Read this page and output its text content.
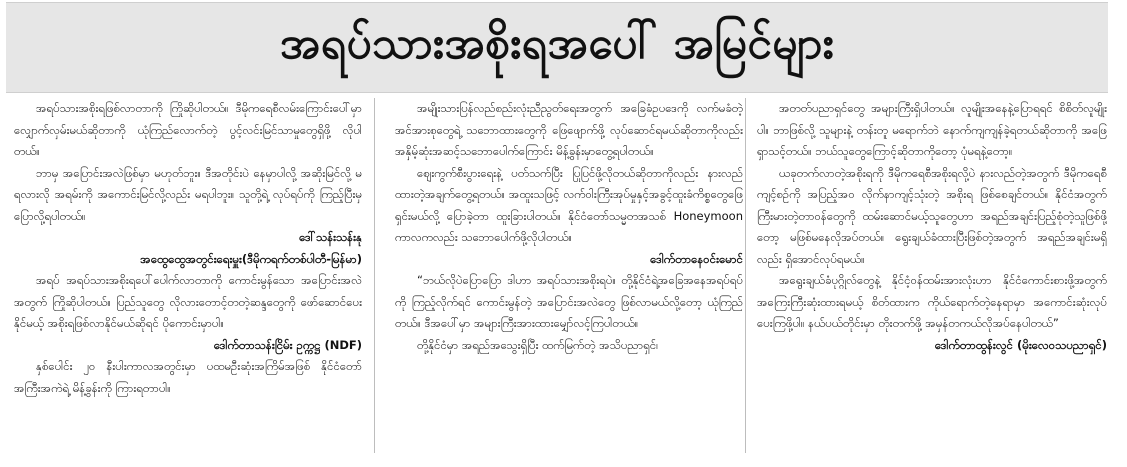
အရပ်သားအစိုးရအပေါ် အမြင်များ

အရပ်သားအစိုးရဖြစ်လာတာကို ကြိုဆိုပါတယ်။ ဒီမိုကရေစီလမ်းကြောင်းပေါ်မှာ လျှောက်လှမ်းမယ်ဆိုတာကို ယုံကြည်လောက်တဲ့ ပွင့်လင်းမြင်သာမှုတွေရှိဖို့ လိုပါတယ်။

ဘာမှ အပြောင်းအလဲဖြစ်မှာ မဟုတ်ဘူး။ ဒီအတိုင်းပဲ နေမှာပါလို့ အဆိုးမြင်လို့ မရလားလို အရမ်းကို အကောင်းမြင်လို့လည်း မရပါဘူး။ သူတို့ရဲ့ လုပ်ရပ်ကို ကြည့်ပြီးမှ ပြောလို့ရပါတယ်။

ဒေါ်သန်းသန်းနု

အထွေထွေအတွင်းရေးမှူး(ဒီမိုကရက်တစ်ပါတီ-မြန်မာ)

အရပ် အရပ်သားအစိုးရပေါ်ပေါက်လာတာကို ကောင်းမွန်သော အပြောင်းအလဲအတွက် ကြိုဆိုပါတယ်။ ပြည်သူတွေ လိုလားတောင့်တတဲ့ဆန္ဒတွေကို ဖော်ဆောင်ပေးနိုင်မယ့် အစိုးရဖြစ်လာနိုင်မယ်ဆိုရင် ပိုကောင်းမှာပါ။

ဒေါက်တာသန်းငြိမ်း ဥက္ကဋ္ဌ (NDF)

နှစ်ပေါင်း ၂၀ နီးပါးကာလအတွင်းမှာ ပထမဦးဆုံးအကြိမ်အဖြစ် နိုင်ငံတော်အကြီးအကဲရဲ့ မိန့်ခွန်းကို ကြားရတာပါ။

အမျိုးသားပြန်လည်စည်းလုံးညီညွတ်ရေးအတွက် အခြေခံဥပဒေကို လက်မခံတဲ့အင်အားစုတွေရဲ့ သဘောထားတွေကို ဖြေဖျောက်ဖို့ လုပ်ဆောင်ရမယ်ဆိုတာကိုလည်း အနှိမ့်ဆုံးအဆင့်သဘောပေါက်ကြောင်း မိန့်ခွန်းမှာတွေ့ရပါတယ်။

ဈေးကွက်စီးပွားရေးနဲ့ ပတ်သက်ပြီး ပြုပြင်ဖို့လိုတယ်ဆိုတာကိုလည်း နားလည်ထားတဲ့အချက်တွေ့ရတယ်။ အထူးသဖြင့် လက်ဝါးကြီးအုပ်မှုနှင့်အခွင့်ထူးခံကိစ္စတွေဖြေရှင်းမယ်လို့ ပြောခဲ့တာ ထူးခြားပါတယ်။ နိုင်ငံတော်သမ္မတအသစ် Honeymoon ကာလကလည်း သဘောပေါက်ဖို့လိုပါတယ်။

ဒေါက်တာနေဝင်းမောင်

“ဘယ်လိုပဲပြောပြော ဒါဟာ အရပ်သားအစိုးရပဲ။ တို့နိုင်ငံရဲ့အခြေအနေအရပ်ရပ်ကို ကြည့်လိုက်ရင် ကောင်းမွန်တဲ့ အပြောင်းအလဲတွေ ဖြစ်လာမယ်လို့တော့ ယုံကြည်တယ်။ ဒီအပေါ်မှာ အများကြီးအားထားမျှော်လင့်ကြပါတယ်။

တို့နိုင်ငံမှာ အရည်အသွေးရှိပြီး ထက်မြက်တဲ့ အသိပညာရှင်၊

အတတ်ပညာရှင်တွေ အများကြီးရှိပါတယ်။ လူမျိုးအနေနဲ့ပြောရရင် စိစိတ်လူမျိုးပါ။ ဘာဖြစ်လို့ သူများနဲ့ တန်းတူ မရောက်ဘဲ နောက်ကျကျန်ခဲ့ရတယ်ဆိုတာကို အဖြေရှာသင့်တယ်။ ဘယ်သူတွေကြောင့်ဆိုတာကိုတော့ ပုံမရနဲ့တော့။

ယခုတက်လာတဲ့အစိုးရကို ဒီမိုကရေစီအစိုးရလို့ပဲ နားလည်တဲ့အတွက် ဒီမိုကရေစီကျင့်စဉ်ကို အပြည့်အဝ လိုက်နာကျင့်သုံးတဲ့ အစိုးရ ဖြစ်စေချင်တယ်။ နိုင်ငံအတွက် ကြီးမားတဲ့တာဝန်တွေကို ထမ်းဆောင်မယ့်သူတွေဟာ အရည်အချင်းပြည့်စုံတဲ့သူဖြစ်ဖို့တော့ မဖြစ်မနေလိုအပ်တယ်။ ရွေးချယ်ခံထားပြီးဖြစ်တဲ့အတွက် အရည်အချင်းမရှိလည်း ရှိအောင်လုပ်ရမယ်။

အရွေးချယ်ခံပုဂ္ဂိုလ်တွေနဲ့ နိုင်ငံ့ဝန်ထမ်းအားလုံးဟာ နိုင်ငံကောင်းစားဖို့အတွက် အကြေးကြီးဆုံးထားရမယ့် စိတ်ထားက ကိုယ်ရောက်တဲ့နေရာမှာ အကောင်းဆုံးလုပ်ပေးကြဖို့ပါ။ နယ်ပယ်တိုင်းမှာ တိုးတက်ဖို့ အမှန်တကယ်လိုအပ်နေပါတယ်”

ဒေါက်တာထွန်းလွင် (မိုးလေဝသပညာရှင်)
